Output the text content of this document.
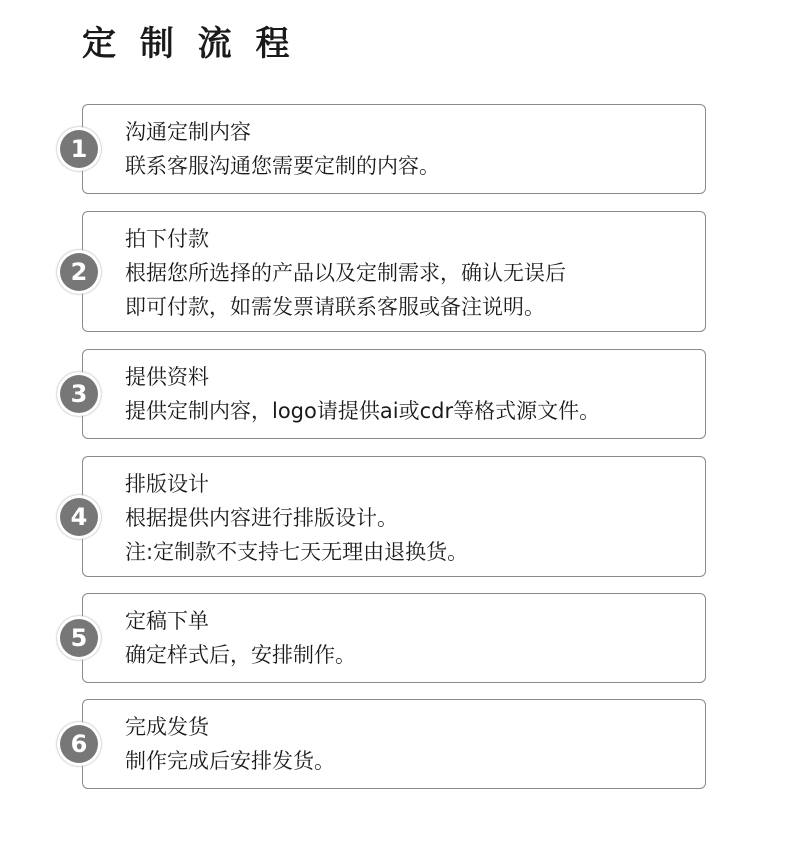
定 制 流 程
1
沟通定制内容
联系客服沟通您需要定制的内容。
2
拍下付款
根据您所选择的产品以及定制需求，确认无误后
即可付款，如需发票请联系客服或备注说明。
3
提供资料
提供定制内容，logo请提供ai或cdr等格式源文件。
4
排版设计
根据提供内容进行排版设计。
注:定制款不支持七天无理由退换货。
5
定稿下单
确定样式后，安排制作。
6
完成发货
制作完成后安排发货。
